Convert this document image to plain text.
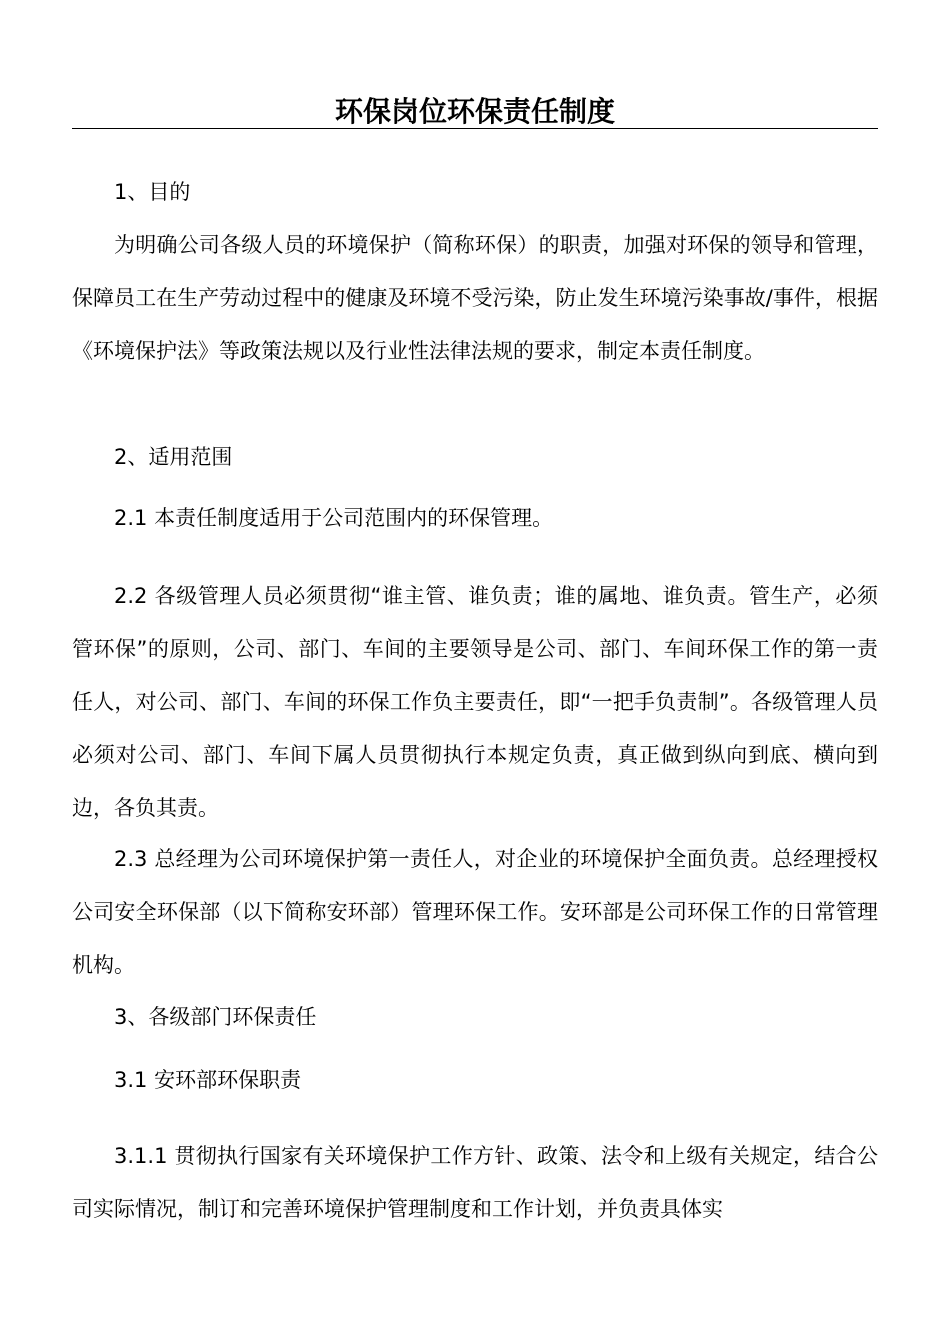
环保岗位环保责任制度

1、目的

为明确公司各级人员的环境保护（简称环保）的职责，加强对环保的领导和管理，保障员工在生产劳动过程中的健康及环境不受污染，防止发生环境污染事故/事件，根据《环境保护法》等政策法规以及行业性法律法规的要求，制定本责任制度。

2、适用范围

2.1 本责任制度适用于公司范围内的环保管理。

2.2 各级管理人员必须贯彻“谁主管、谁负责；谁的属地、谁负责。管生产，必须管环保”的原则，公司、部门、车间的主要领导是公司、部门、车间环保工作的第一责任人，对公司、部门、车间的环保工作负主要责任，即“一把手负责制”。各级管理人员必须对公司、部门、车间下属人员贯彻执行本规定负责，真正做到纵向到底、横向到边，各负其责。

2.3 总经理为公司环境保护第一责任人，对企业的环境保护全面负责。总经理授权公司安全环保部（以下简称安环部）管理环保工作。安环部是公司环保工作的日常管理机构。

3、各级部门环保责任

3.1 安环部环保职责

3.1.1 贯彻执行国家有关环境保护工作方针、政策、法令和上级有关规定，结合公司实际情况，制订和完善环境保护管理制度和工作计划，并负责具体实
